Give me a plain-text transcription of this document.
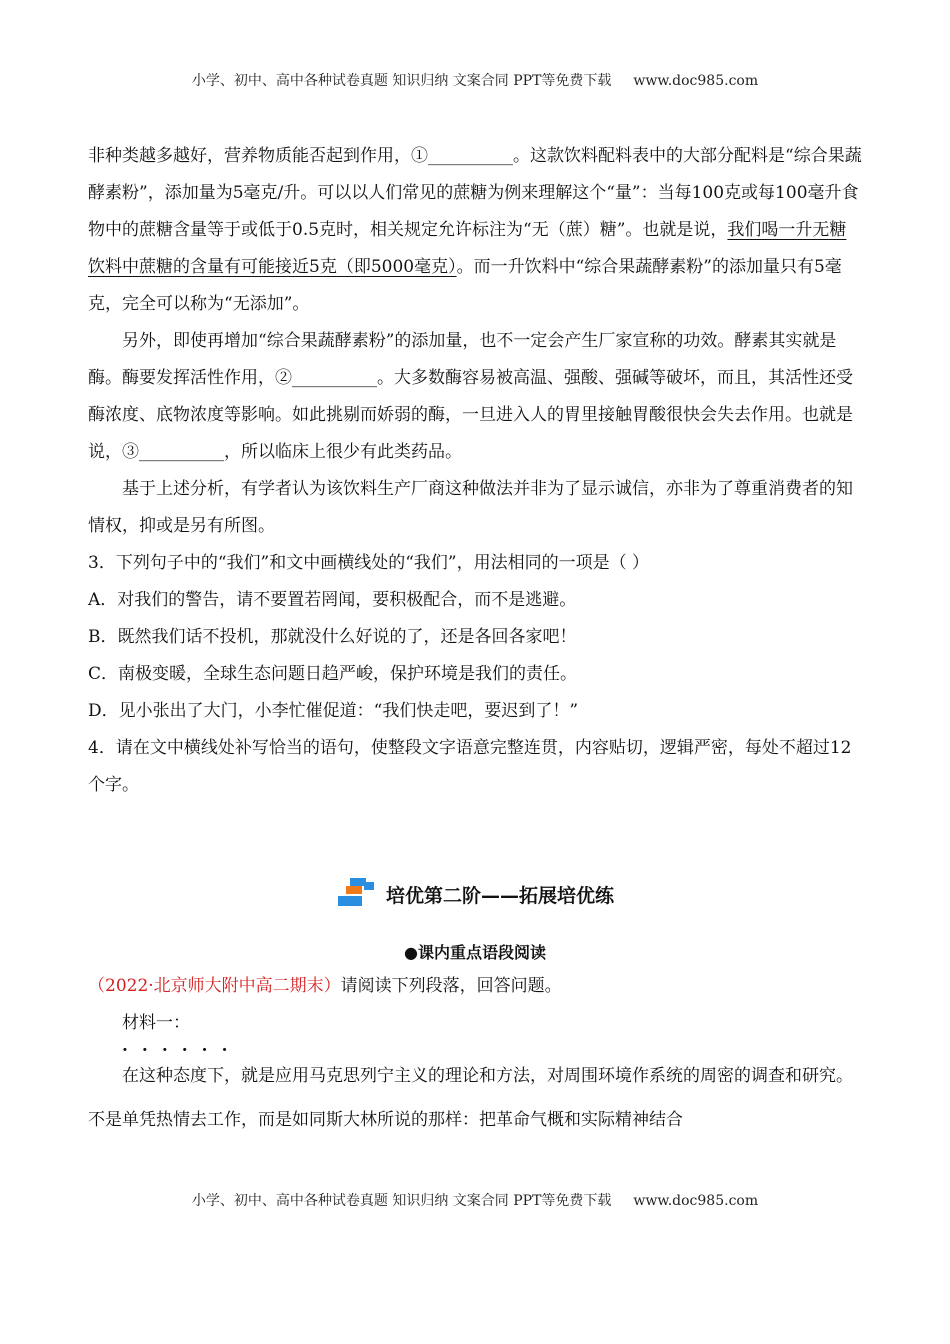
小学、初中、高中各种试卷真题 知识归纳 文案合同 PPT等免费下载 www.doc985.com

非种类越多越好，营养物质能否起到作用，①__________。这款饮料配料表中的大部分配料是“综合果蔬酵素粉”，添加量为5毫克/升。可以以人们常见的蔗糖为例来理解这个“量”：当每100克或每100毫升食物中的蔗糖含量等于或低于0.5克时，相关规定允许标注为“无（蔗）糖”。也就是说，我们喝一升无糖饮料中蔗糖的含量有可能接近5克（即5000毫克）。而一升饮料中“综合果蔬酵素粉”的添加量只有5毫克，完全可以称为“无添加”。

另外，即使再增加“综合果蔬酵素粉”的添加量，也不一定会产生厂家宣称的功效。酵素其实就是酶。酶要发挥活性作用，②__________。大多数酶容易被高温、强酸、强碱等破坏，而且，其活性还受酶浓度、底物浓度等影响。如此挑剔而娇弱的酶，一旦进入人的胃里接触胃酸很快会失去作用。也就是说，③__________，所以临床上很少有此类药品。

基于上述分析，有学者认为该饮料生产厂商这种做法并非为了显示诚信，亦非为了尊重消费者的知情权，抑或是另有所图。

3．下列句子中的“我们”和文中画横线处的“我们”，用法相同的一项是（ ）

A．对我们的警告，请不要置若罔闻，要积极配合，而不是逃避。

B．既然我们话不投机，那就没什么好说的了，还是各回各家吧！

C．南极变暖，全球生态问题日趋严峻，保护环境是我们的责任。

D．见小张出了大门，小李忙催促道：“我们快走吧，要迟到了！”

4．请在文中横线处补写恰当的语句，使整段文字语意完整连贯，内容贴切，逻辑严密，每处不超过12个字。

培优第二阶——拓展培优练
●课内重点语段阅读

（2022·北京师大附中高二期末）请阅读下列段落，回答问题。

材料一：

......

在这种态度下，就是应用马克思列宁主义的理论和方法，对周围环境作系统的周密的调查和研究。不是单凭热情去工作，而是如同斯大林所说的那样：把革命气概和实际精神结合

小学、初中、高中各种试卷真题 知识归纳 文案合同 PPT等免费下载 www.doc985.com
